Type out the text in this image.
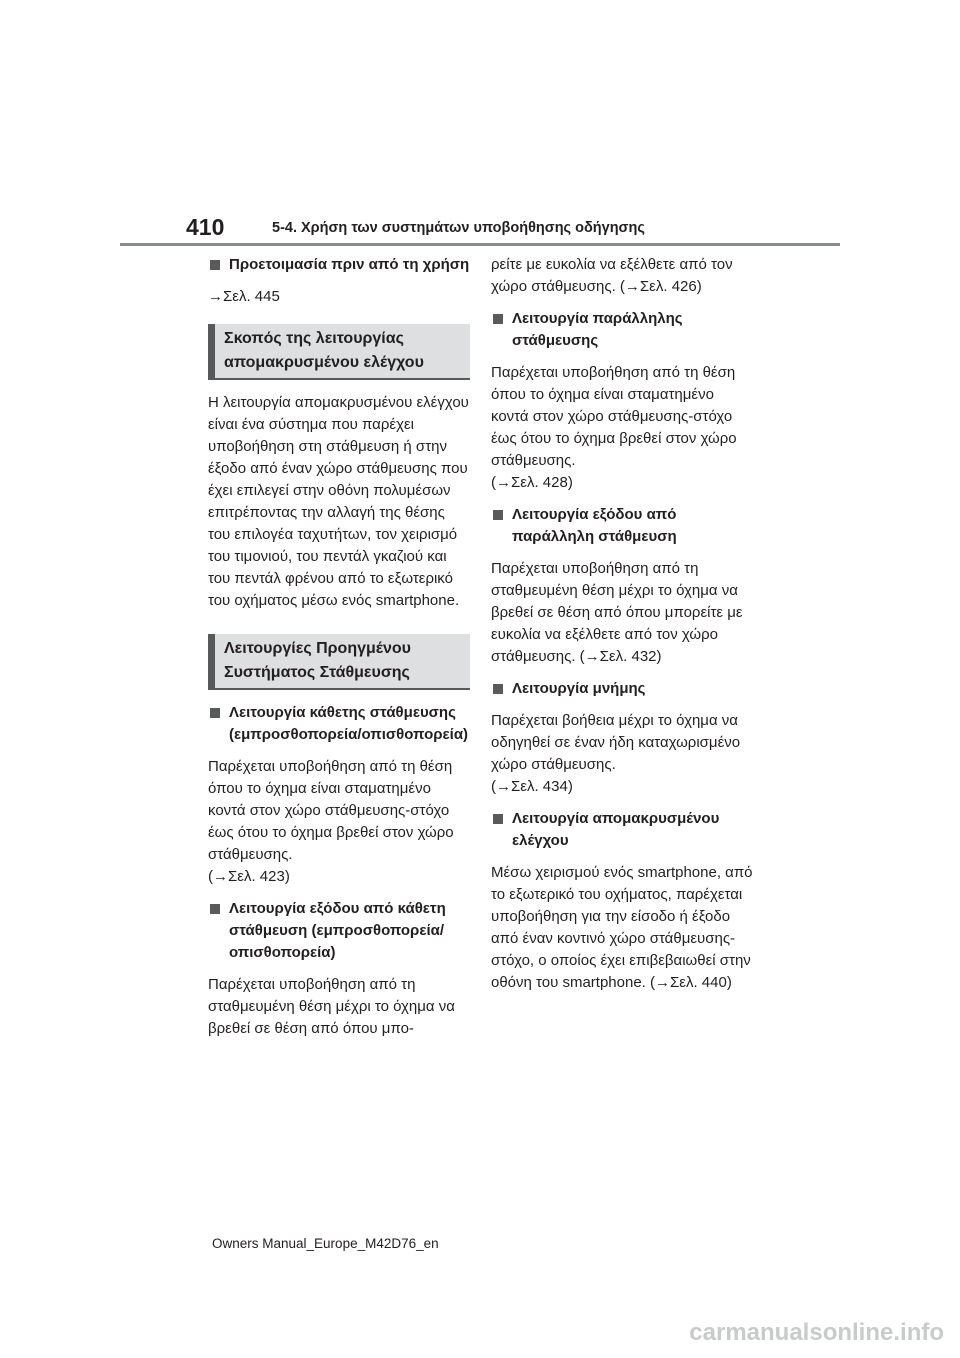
410	5-4. Χρήση των συστημάτων υποβοήθησης οδήγησης
Προετοιμασία πριν από τη χρήση
→Σελ. 445
Σκοπός της λειτουργίας απομακρυσμένου ελέγχου
Η λειτουργία απομακρυσμένου ελέγχου είναι ένα σύστημα που παρέχει υποβοήθηση στη στάθμευση ή στην έξοδο από έναν χώρο στάθμευσης που έχει επιλεγεί στην οθόνη πολυμέσων επιτρέποντας την αλλαγή της θέσης του επιλογέα ταχυτήτων, τον χειρισμό του τιμονιού, του πεντάλ γκαζιού και του πεντάλ φρένου από το εξωτερικό του οχήματος μέσω ενός smartphone.
Λειτουργίες Προηγμένου Συστήματος Στάθμευσης
Λειτουργία κάθετης στάθμευσης (εμπροσθοπορεία/οπισθοπορεία)
Παρέχεται υποβοήθηση από τη θέση όπου το όχημα είναι σταματημένο κοντά στον χώρο στάθμευσης-στόχο έως ότου το όχημα βρεθεί στον χώρο στάθμευσης.
(→Σελ. 423)
Λειτουργία εξόδου από κάθετη στάθμευση (εμπροσθοπορεία/οπισθοπορεία)
Παρέχεται υποβοήθηση από τη σταθμευμένη θέση μέχρι το όχημα να βρεθεί σε θέση από όπου μπο-
ρείτε με ευκολία να εξέλθετε από τον χώρο στάθμευσης. (→Σελ. 426)
Λειτουργία παράλληλης στάθμευσης
Παρέχεται υποβοήθηση από τη θέση όπου το όχημα είναι σταματημένο κοντά στον χώρο στάθμευσης-στόχο έως ότου το όχημα βρεθεί στον χώρο στάθμευσης.
(→Σελ. 428)
Λειτουργία εξόδου από παράλληλη στάθμευση
Παρέχεται υποβοήθηση από τη σταθμευμένη θέση μέχρι το όχημα να βρεθεί σε θέση από όπου μπορείτε με ευκολία να εξέλθετε από τον χώρο στάθμευσης. (→Σελ. 432)
Λειτουργία μνήμης
Παρέχεται βοήθεια μέχρι το όχημα να οδηγηθεί σε έναν ήδη καταχωρισμένο χώρο στάθμευσης.
(→Σελ. 434)
Λειτουργία απομακρυσμένου ελέγχου
Μέσω χειρισμού ενός smartphone, από το εξωτερικό του οχήματος, παρέχεται υποβοήθηση για την είσοδο ή έξοδο από έναν κοντινό χώρο στάθμευσης-στόχο, ο οποίος έχει επιβεβαιωθεί στην οθόνη του smartphone. (→Σελ. 440)
Owners Manual_Europe_M42D76_en
carmanualsonline.info
